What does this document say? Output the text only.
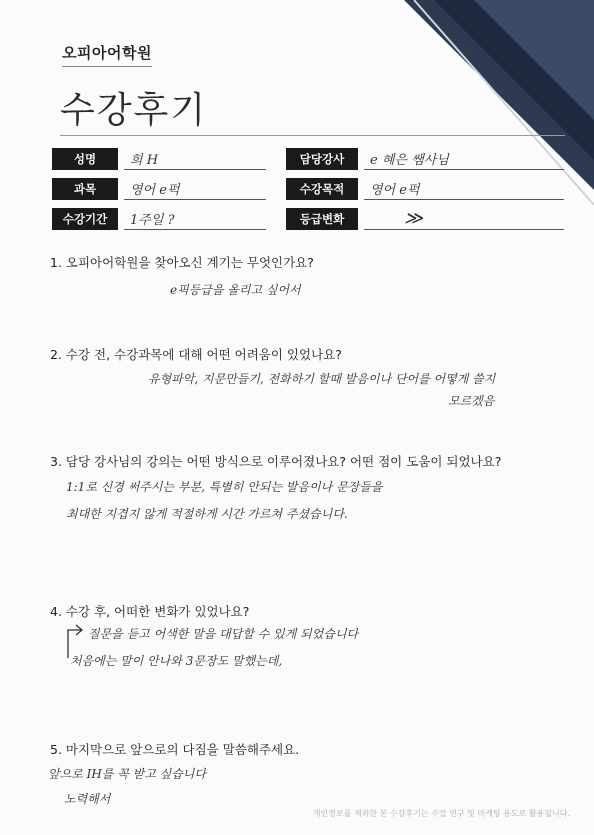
오피아어학원
수강후기
성명	희 H	담당강사	e 혜은 쌤사님
과목	영어 e퍽	수강목적	영어 e퍽
수강기간	1주일 ?	등급변화	≫
1. 오피아어학원을 찾아오신 계기는 무엇인가요?
e픽등급을 올리고 싶어서
2. 수강 전, 수강과목에 대해 어떤 어려움이 있었나요?
유형파악, 지문만들기, 전화하기 할때 발음이나 단어를 어떻게 쓸지
모르겠음
3. 담당 강사님의 강의는 어떤 방식으로 이루어졌나요? 어떤 점이 도움이 되었나요?
1:1로 신경 써주시는 부분, 특별히 안되는 발음이나 문장들을
최대한 지겹지 않게 적절하게 시간 가르쳐 주셨습니다.
4. 수강 후, 어떠한 변화가 있었나요?
질문을 듣고 어색한 말을 대답할 수 있게 되었습니다
처음에는 말이 안나와 3문장도 말했는데,
5. 마지막으로 앞으로의 다짐을 말씀해주세요.
앞으로 IH를 꼭 받고 싶습니다
노력해서
개인정보를 제외한 본 수강후기는 수업 연구 및 마케팅 용도로 활용됩니다.
